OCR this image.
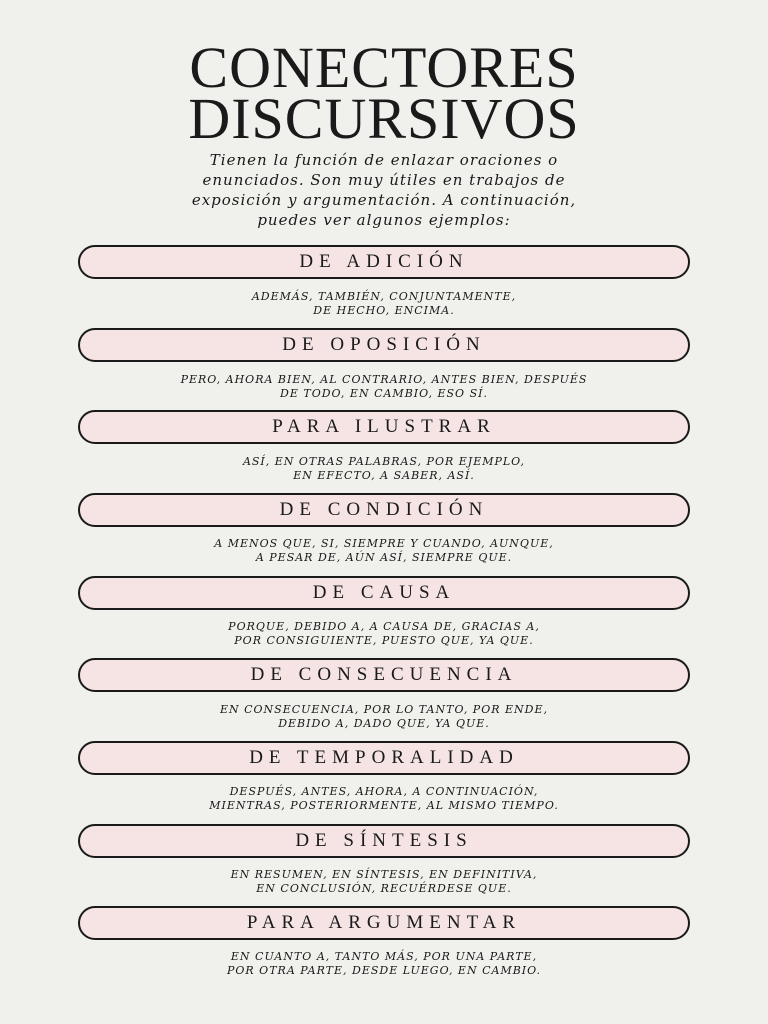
CONECTORES
DISCURSIVOS

Tienen la función de enlazar oraciones o
enunciados. Son muy útiles en trabajos de
exposición y argumentación. A continuación,
puedes ver algunos ejemplos:

DE ADICIÓN
ADEMÁS, TAMBIÉN, CONJUNTAMENTE,
DE HECHO, ENCIMA.
DE OPOSICIÓN
PERO, AHORA BIEN, AL CONTRARIO, ANTES BIEN, DESPUÉS
DE TODO, EN CAMBIO, ESO SÍ.
PARA ILUSTRAR
ASÍ, EN OTRAS PALABRAS, POR EJEMPLO,
EN EFECTO, A SABER, ASÍ.
DE CONDICIÓN
A MENOS QUE, SI, SIEMPRE Y CUANDO, AUNQUE,
A PESAR DE, AÚN ASÍ, SIEMPRE QUE.
DE CAUSA
PORQUE, DEBIDO A, A CAUSA DE, GRACIAS A,
POR CONSIGUIENTE, PUESTO QUE, YA QUE.
DE CONSECUENCIA
EN CONSECUENCIA, POR LO TANTO, POR ENDE,
DEBIDO A, DADO QUE, YA QUE.
DE TEMPORALIDAD
DESPUÉS, ANTES, AHORA, A CONTINUACIÓN,
MIENTRAS, POSTERIORMENTE, AL MISMO TIEMPO.
DE SÍNTESIS
EN RESUMEN, EN SÍNTESIS, EN DEFINITIVA,
EN CONCLUSIÓN, RECUÉRDESE QUE.
PARA ARGUMENTAR
EN CUANTO A, TANTO MÁS, POR UNA PARTE,
POR OTRA PARTE, DESDE LUEGO, EN CAMBIO.
